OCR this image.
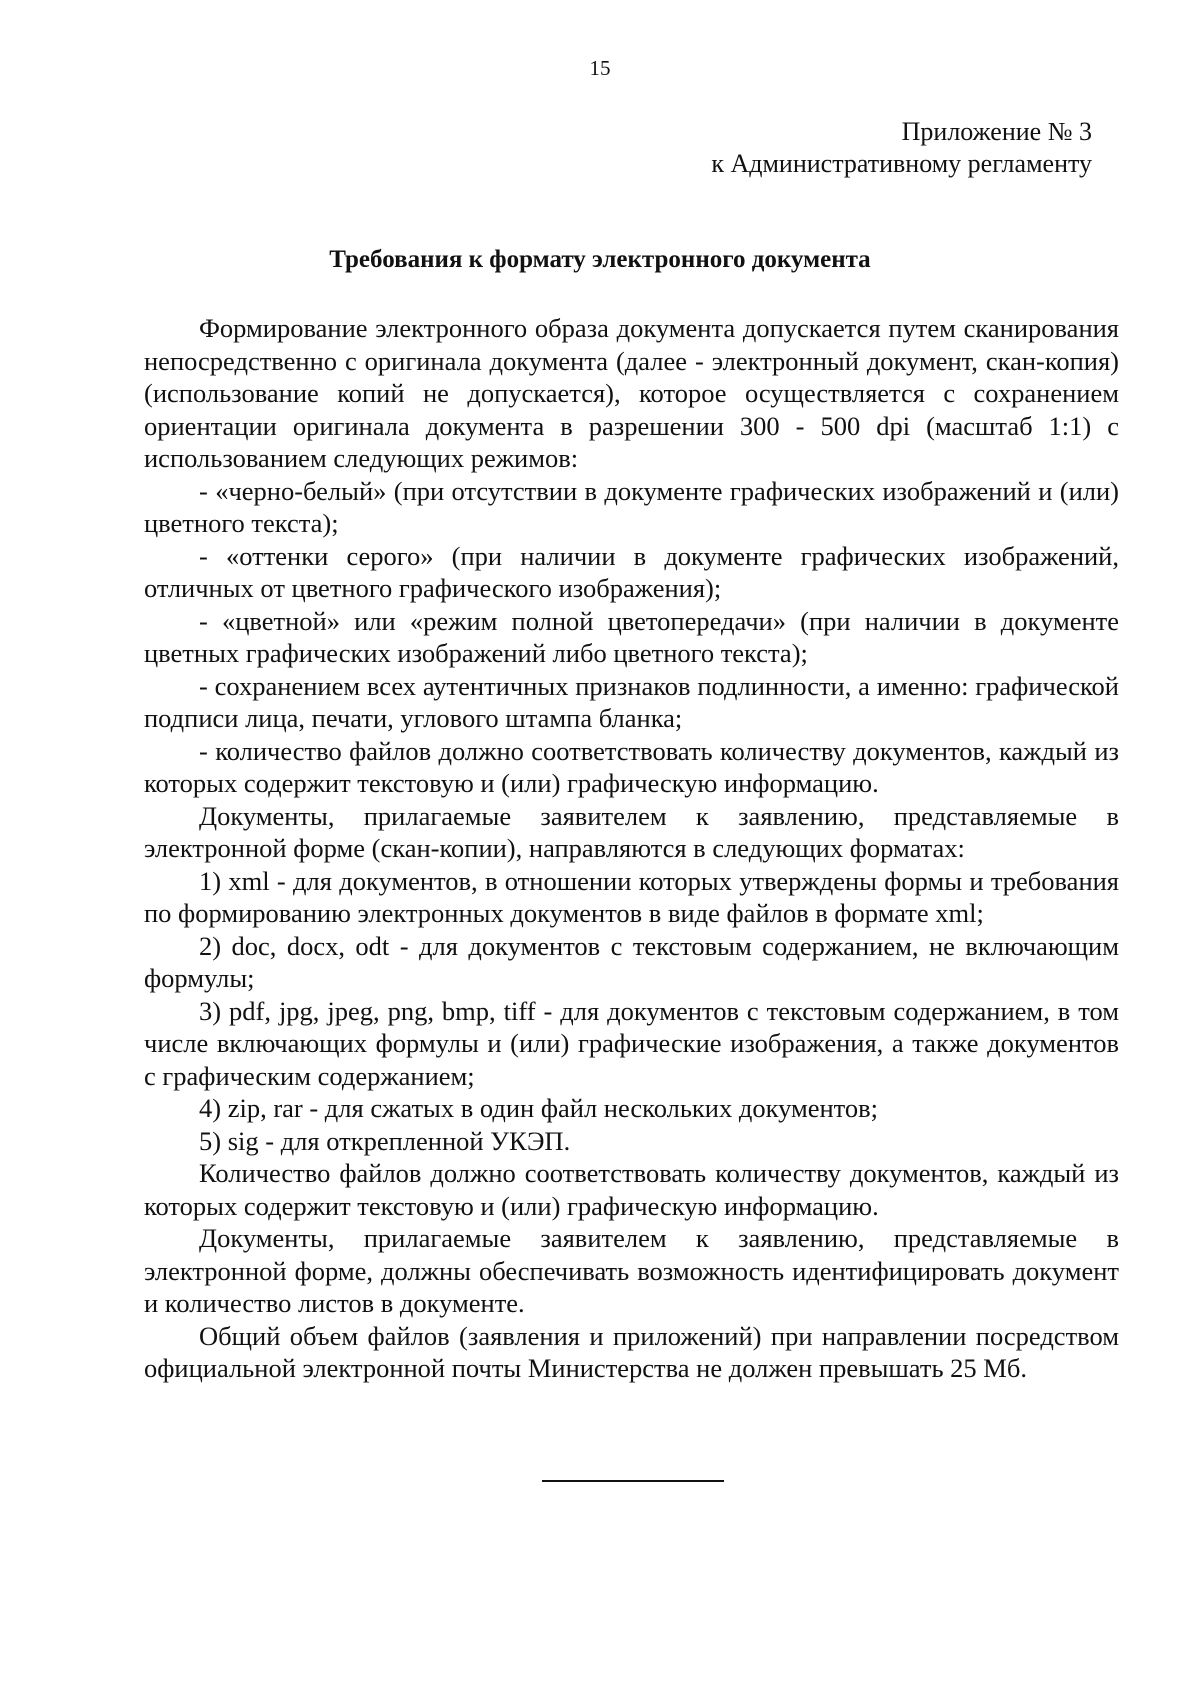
15
Приложение № 3
к Административному регламенту
Требования к формату электронного документа

Формирование электронного образа документа допускается путем сканирования непосредственно с оригинала документа (далее - электронный документ, скан-копия) (использование копий не допускается), которое осуществляется с сохранением ориентации оригинала документа в разрешении 300 - 500 dpi (масштаб 1:1) с использованием следующих режимов:

- «черно-белый» (при отсутствии в документе графических изображений и (или) цветного текста);

- «оттенки серого» (при наличии в документе графических изображений, отличных от цветного графического изображения);

- «цветной» или «режим полной цветопередачи» (при наличии в документе цветных графических изображений либо цветного текста);

- сохранением всех аутентичных признаков подлинности, а именно: графической подписи лица, печати, углового штампа бланка;

- количество файлов должно соответствовать количеству документов, каждый из которых содержит текстовую и (или) графическую информацию.

Документы, прилагаемые заявителем к заявлению, представляемые в электронной форме (скан-копии), направляются в следующих форматах:

1) xml - для документов, в отношении которых утверждены формы и требования по формированию электронных документов в виде файлов в формате xml;

2) doc, docx, odt - для документов с текстовым содержанием, не включающим формулы;

3) pdf, jpg, jpeg, png, bmp, tiff - для документов с текстовым содержанием, в том числе включающих формулы и (или) графические изображения, а также документов с графическим содержанием;

4) zip, rar - для сжатых в один файл нескольких документов;

5) sig - для открепленной УКЭП.

Количество файлов должно соответствовать количеству документов, каждый из которых содержит текстовую и (или) графическую информацию.

Документы, прилагаемые заявителем к заявлению, представляемые в электронной форме, должны обеспечивать возможность идентифицировать документ и количество листов в документе.

Общий объем файлов (заявления и приложений) при направлении посредством официальной электронной почты Министерства не должен превышать 25 Мб.
